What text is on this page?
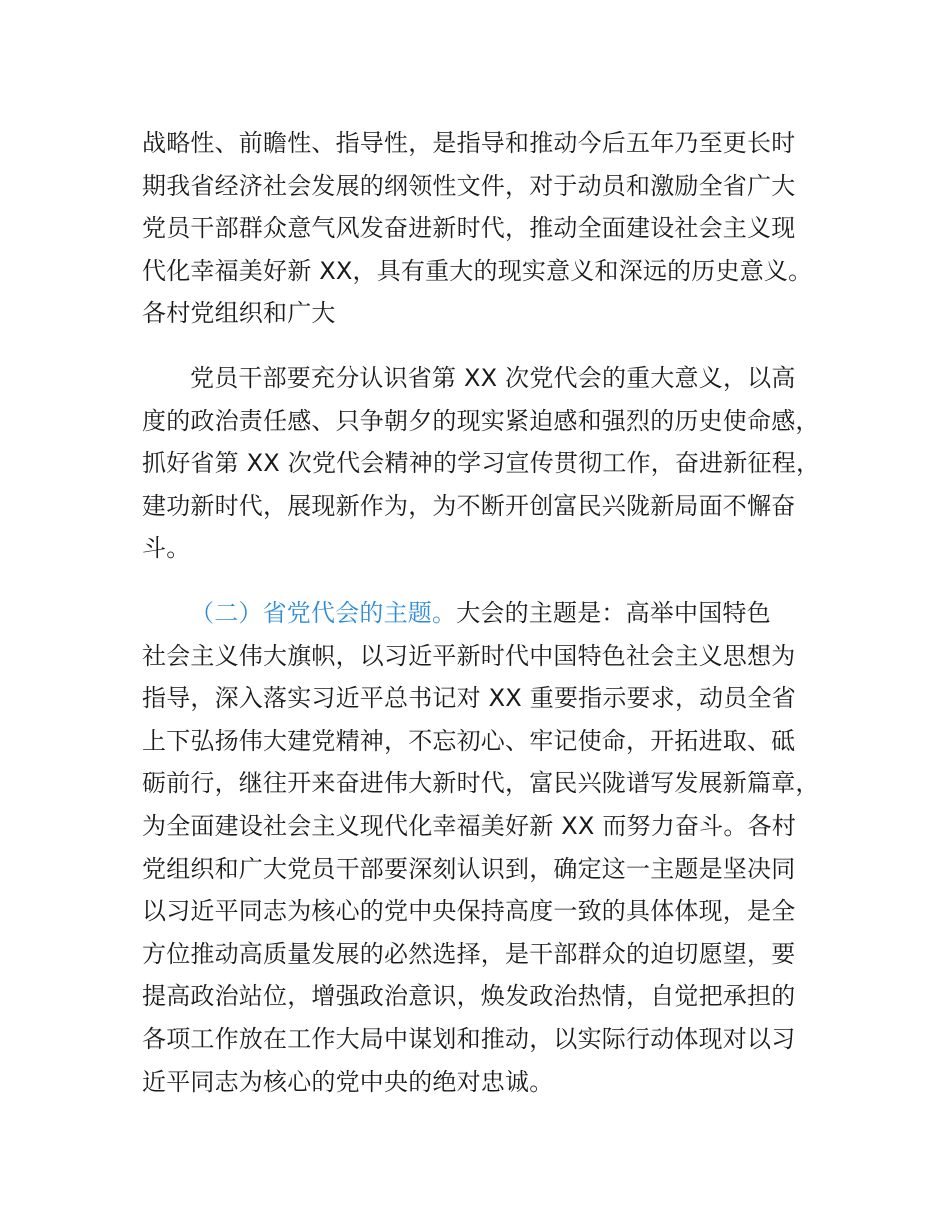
战略性、前瞻性、指导性，是指导和推动今后五年乃至更长时
期我省经济社会发展的纲领性文件，对于动员和激励全省广大
党员干部群众意气风发奋进新时代，推动全面建设社会主义现
代化幸福美好新 XX，具有重大的现实意义和深远的历史意义。
各村党组织和广大
党员干部要充分认识省第 XX 次党代会的重大意义，以高
度的政治责任感、只争朝夕的现实紧迫感和强烈的历史使命感，
抓好省第 XX 次党代会精神的学习宣传贯彻工作，奋进新征程，
建功新时代，展现新作为，为不断开创富民兴陇新局面不懈奋
斗。
（二）省党代会的主题。大会的主题是：高举中国特色
社会主义伟大旗帜，以习近平新时代中国特色社会主义思想为
指导，深入落实习近平总书记对 XX 重要指示要求，动员全省
上下弘扬伟大建党精神，不忘初心、牢记使命，开拓进取、砥
砺前行，继往开来奋进伟大新时代，富民兴陇谱写发展新篇章，
为全面建设社会主义现代化幸福美好新 XX 而努力奋斗。各村
党组织和广大党员干部要深刻认识到，确定这一主题是坚决同
以习近平同志为核心的党中央保持高度一致的具体体现，是全
方位推动高质量发展的必然选择，是干部群众的迫切愿望，要
提高政治站位，增强政治意识，焕发政治热情，自觉把承担的
各项工作放在工作大局中谋划和推动，以实际行动体现对以习
近平同志为核心的党中央的绝对忠诚。
